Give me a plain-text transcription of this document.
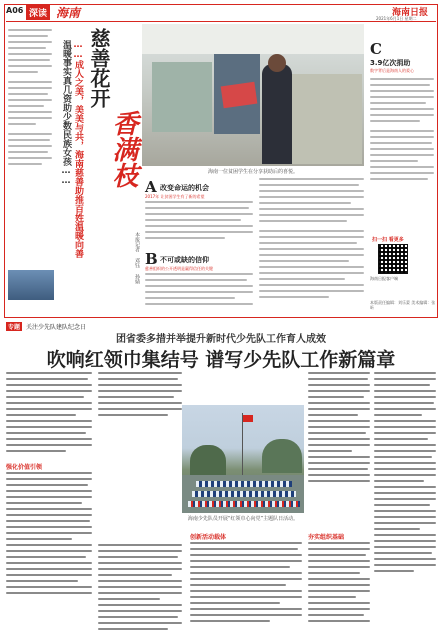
A06 深读 海南	海南日报
2021年6月1日 星期二
温暖事实真几资助少数民族女孩…… ……成人之美，美美与共，海南慈善助推百姓温暖向善 慈善花开
香满枝	海南一位贫困学生在分享获助后的喜悦。
A 改变命运的机会
2017年 让贫困学生有了新的希望
B 不可或缺的信仰
慈善组织的公开透明是赢得信任的关键
本报记者 邓钰 孙婧
C
3.9亿次捐助
数字背后是海南人的爱心
扫一扫 看更多
海南日报客户端
本版责任编辑：刘乐蒙 美术编辑：张昕
专题 关注少先队建队纪念日
团省委多措并举提升新时代少先队工作育人成效
吹响红领巾集结号 谱写少先队工作新篇章
强化价值引领
海南少先队员开展“红领巾心向党”主题队日活动。
创新活动载体	夯实组织基础
